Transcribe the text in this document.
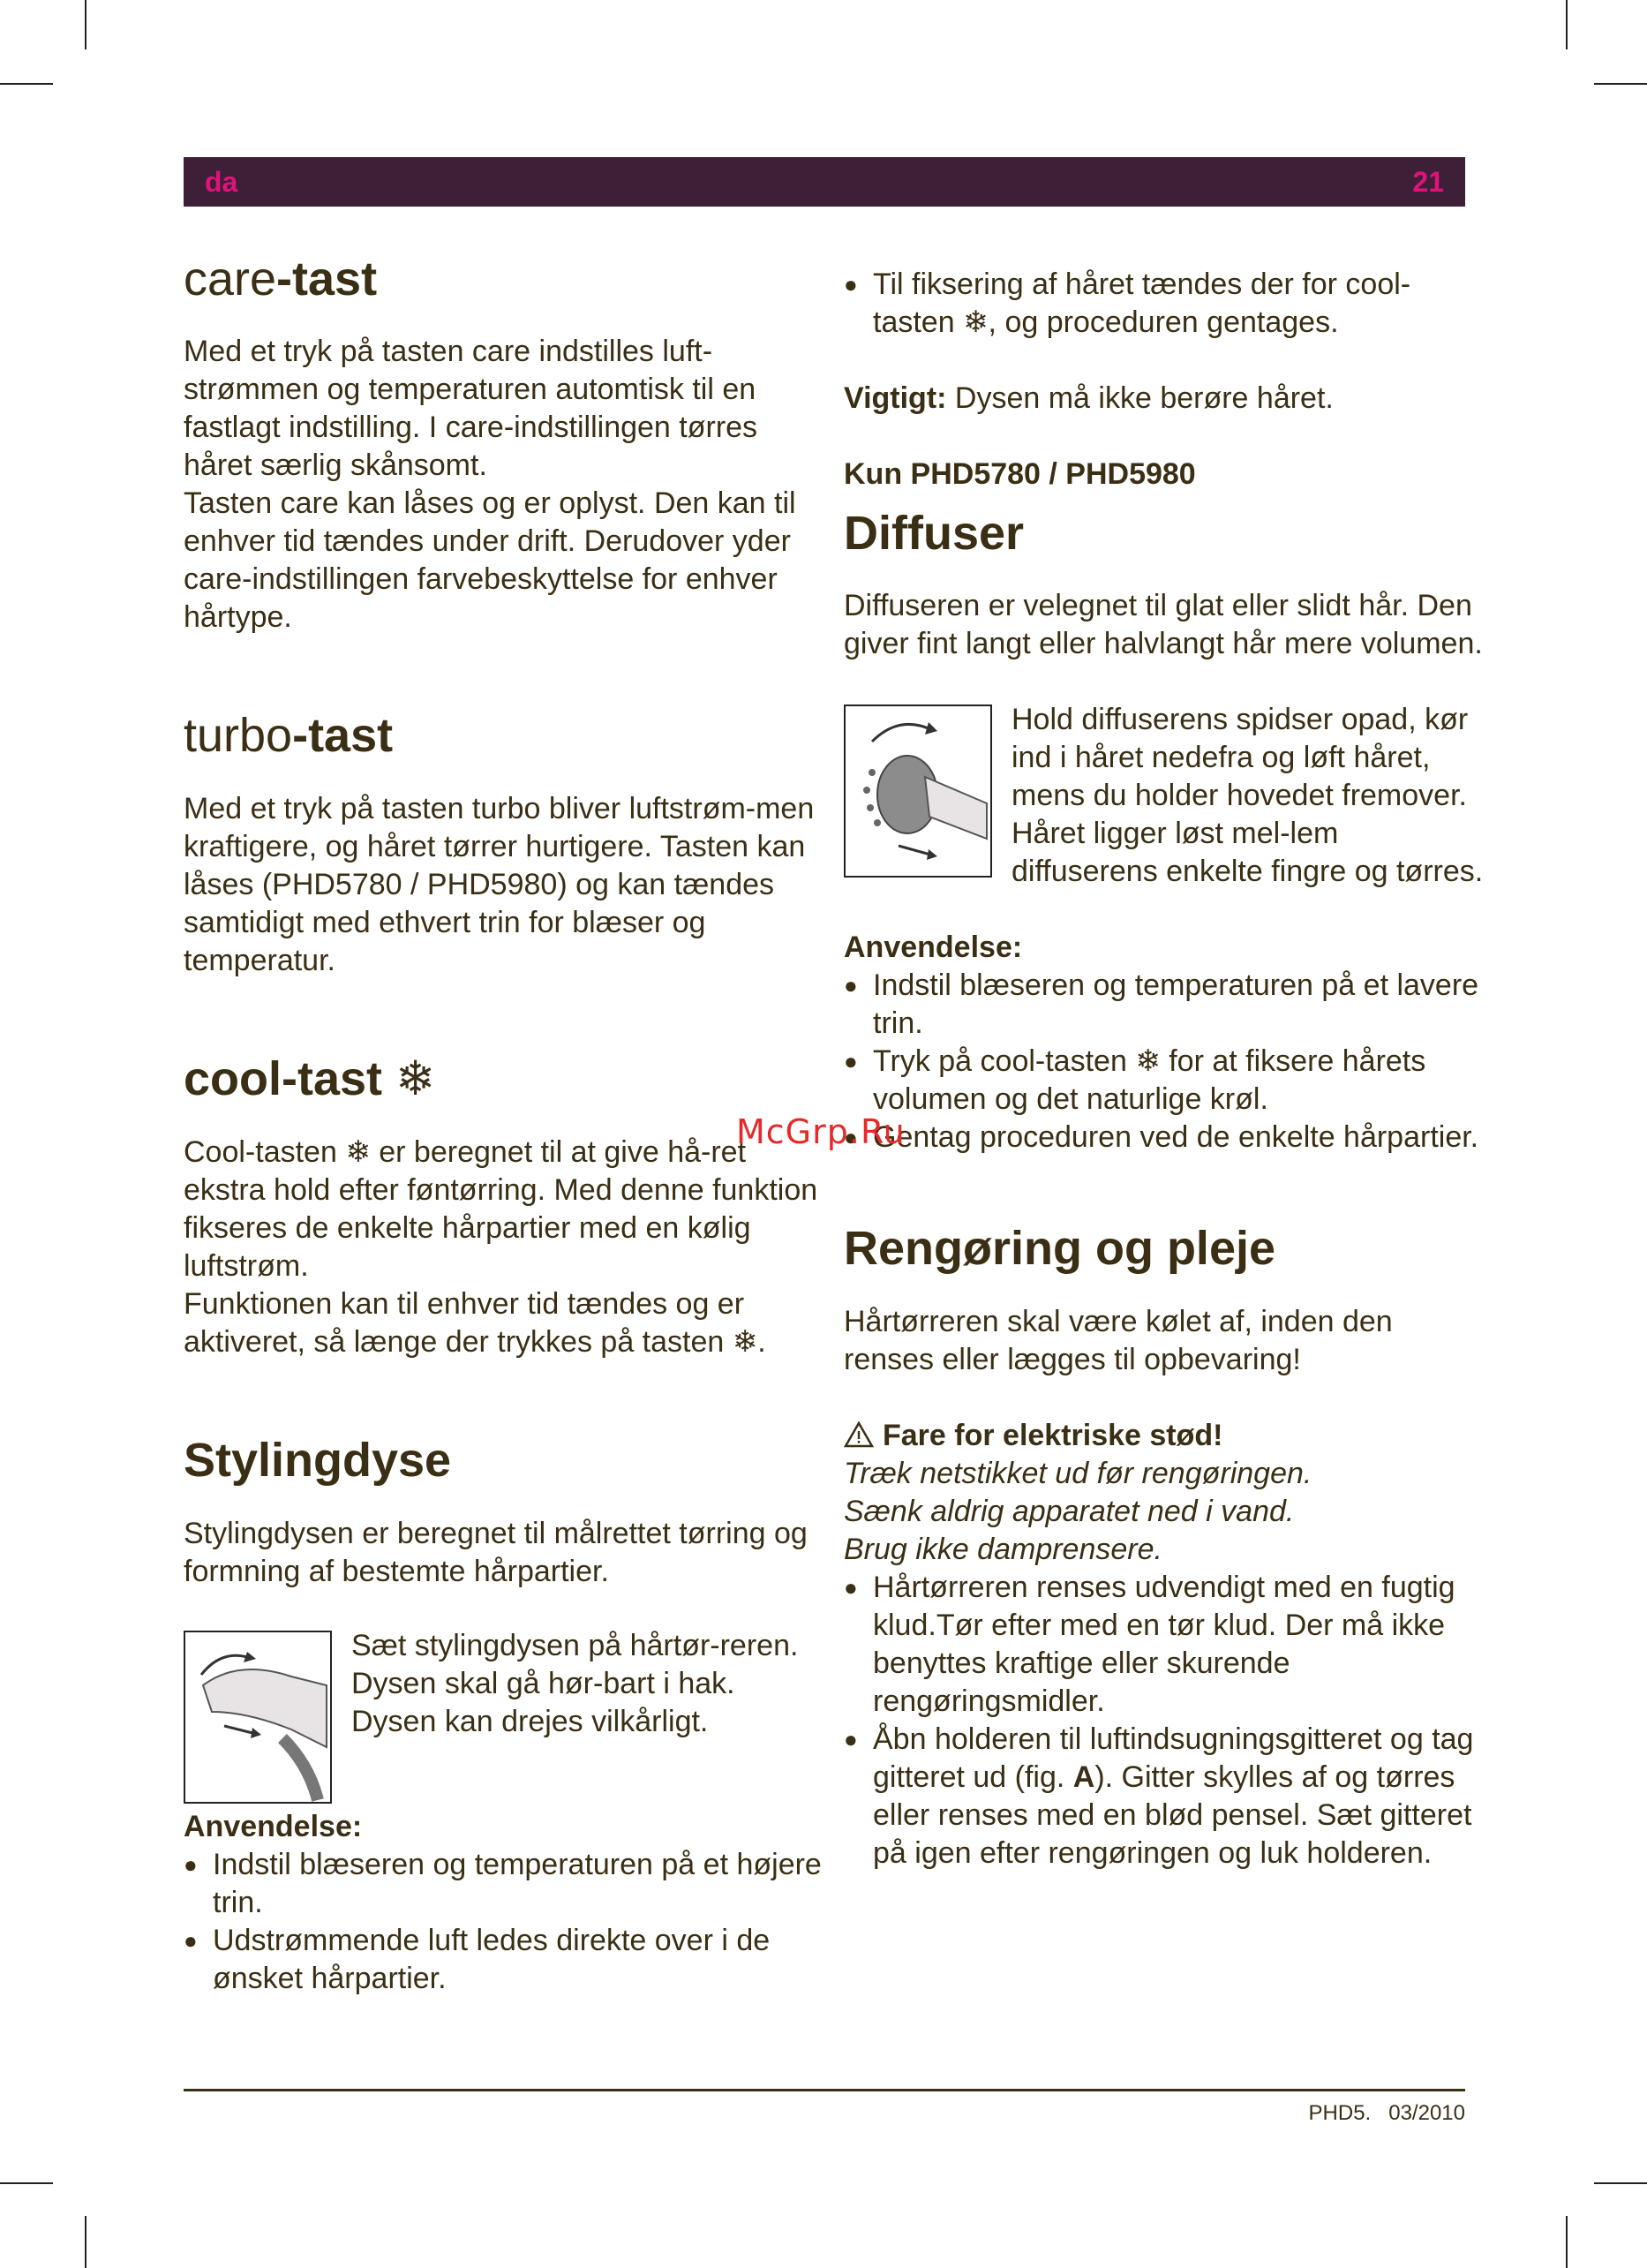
da	21
care-tast

Med et tryk på tasten care indstilles luft-strømmen og temperaturen automtisk til en fastlagt indstilling. I care-indstillingen tørres håret særlig skånsomt.

Tasten care kan låses og er oplyst. Den kan til enhver tid tændes under drift. Derudover yder care-indstillingen farvebeskyttelse for enhver hårtype.

turbo-tast

Med et tryk på tasten turbo bliver luftstrøm-men kraftigere, og håret tørrer hurtigere. Tasten kan låses (PHD5780 / PHD5980) og kan tændes samtidigt med ethvert trin for blæser og temperatur.

cool-tast ❄

Cool-tasten ❄ er beregnet til at give hå-ret ekstra hold efter føntørring. Med denne funktion fikseres de enkelte hårpartier med en kølig luftstrøm.

Funktionen kan til enhver tid tændes og er aktiveret, så længe der trykkes på tasten ❄.

Stylingdyse

Stylingdysen er beregnet til målrettet tørring og formning af bestemte hårpartier.

Sæt stylingdysen på hårtør-reren. Dysen skal gå hør-bart i hak. Dysen kan drejes vilkårligt.

Anvendelse:

● Indstil blæseren og temperaturen på et højere trin.
● Udstrømmende luft ledes direkte over i de ønsket hårpartier.
● Til fiksering af håret tændes der for cool-tasten ❄, og proceduren gentages.

Vigtigt: Dysen må ikke berøre håret.

Kun PHD5780 / PHD5980

Diffuser

Diffuseren er velegnet til glat eller slidt hår. Den giver fint langt eller halvlangt hår mere volumen.

Hold diffuserens spidser opad, kør ind i håret nedefra og løft håret, mens du holder hovedet fremover. Håret ligger løst mel-lem diffuserens enkelte fingre og tørres.

Anvendelse:

● Indstil blæseren og temperaturen på et lavere trin.
● Tryk på cool-tasten ❄ for at fiksere hårets volumen og det naturlige krøl.
● Gentag proceduren ved de enkelte hårpartier.
Rengøring og pleje

Hårtørreren skal være kølet af, inden den renses eller lægges til opbevaring!

Fare for elektriske stød!

Træk netstikket ud før rengøringen.

Sænk aldrig apparatet ned i vand.

Brug ikke damprensere.

● Hårtørreren renses udvendigt med en fugtig klud.Tør efter med en tør klud. Der må ikke benyttes kraftige eller skurende rengøringsmidler.
● Åbn holderen til luftindsugningsgitteret og tag gitteret ud (fig. A). Gitter skylles af og tørres eller renses med en blød pensel. Sæt gitteret på igen efter rengøringen og luk holderen.
McGrp.Ru
PHD5. 03/2010
